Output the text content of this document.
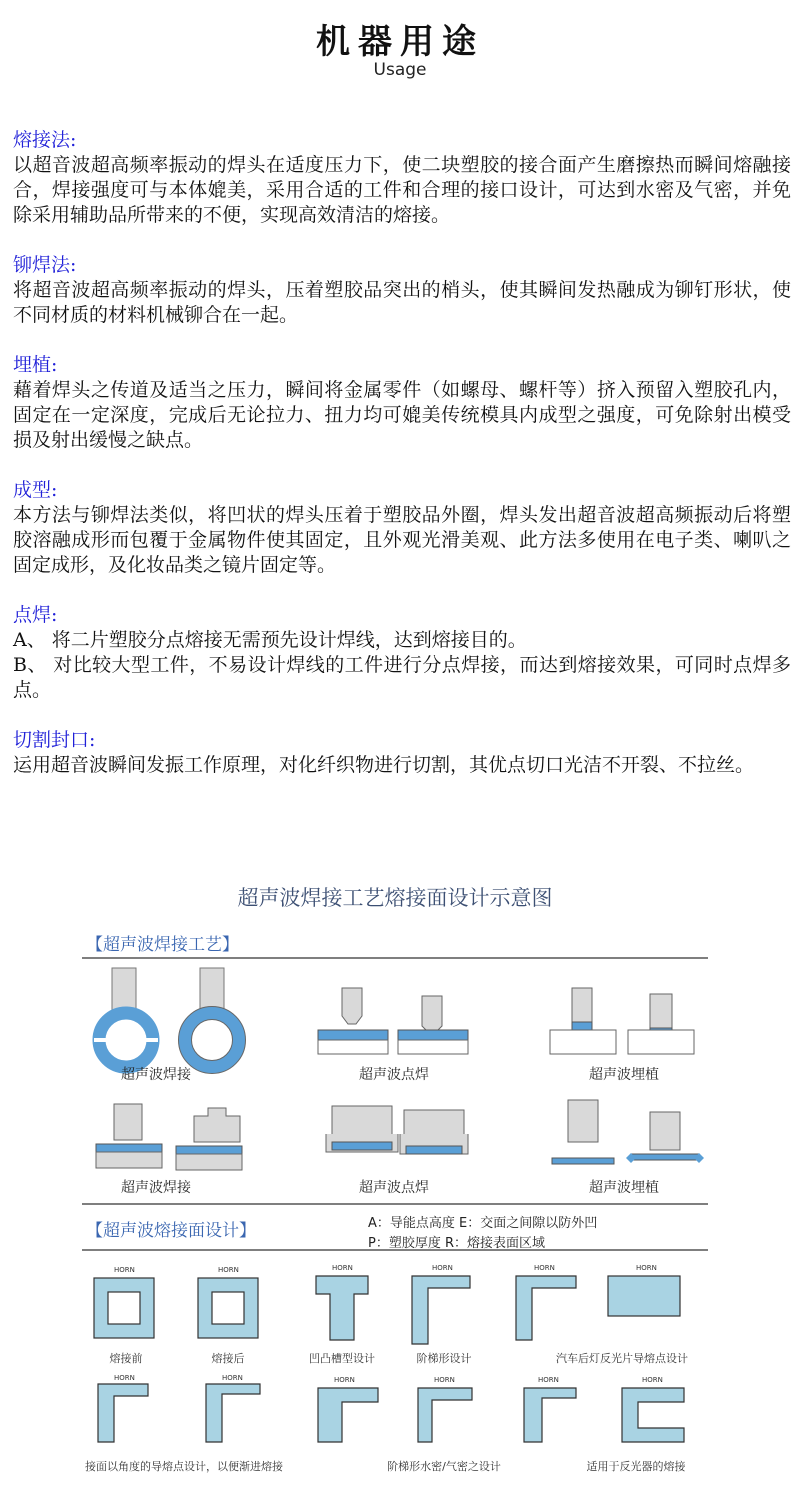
机器用途
Usage
熔接法:

以超音波超高频率振动的焊头在适度压力下，使二块塑胶的接合面产生磨擦热而瞬间熔融接合，焊接强度可与本体媲美，采用合适的工件和合理的接口设计，可达到水密及气密，并免除采用辅助品所带来的不便，实现高效清洁的熔接。

铆焊法:

将超音波超高频率振动的焊头，压着塑胶品突出的梢头，使其瞬间发热融成为铆钉形状，使不同材质的材料机械铆合在一起。

埋植:

藉着焊头之传道及适当之压力，瞬间将金属零件（如螺母、螺杆等）挤入预留入塑胶孔内，固定在一定深度，完成后无论拉力、扭力均可媲美传统模具内成型之强度，可免除射出模受损及射出缓慢之缺点。

成型:

本方法与铆焊法类似，将凹状的焊头压着于塑胶品外圈，焊头发出超音波超高频振动后将塑胶溶融成形而包覆于金属物件使其固定，且外观光滑美观、此方法多使用在电子类、喇叭之固定成形，及化妆品类之镜片固定等。

点焊:

A、 将二片塑胶分点熔接无需预先设计焊线，达到熔接目的。

B、 对比较大型工件，不易设计焊线的工件进行分点焊接，而达到熔接效果，可同时点焊多点。

切割封口:

运用超音波瞬间发振工作原理，对化纤织物进行切割，其优点切口光洁不开裂、不拉丝。

HORN	HORN	HORN	HORN	HORN	HORN
HORN	HORN	HORN	HORN	HORN	HORN
超声波焊接工艺熔接面设计示意图
【超声波焊接工艺】
超声波焊接	超声波点焊	超声波埋植
超声波焊接	超声波点焊	超声波埋植
【超声波熔接面设计】	A：导能点高度 E：交面之间隙以防外凹
P：塑胶厚度 R：熔接表面区域
熔接前	熔接后	凹凸槽型设计	阶梯形设计	汽车后灯反光片导熔点设计
接面以角度的导熔点设计，以便渐进熔接	阶梯形水密/气密之设计	适用于反光器的熔接
